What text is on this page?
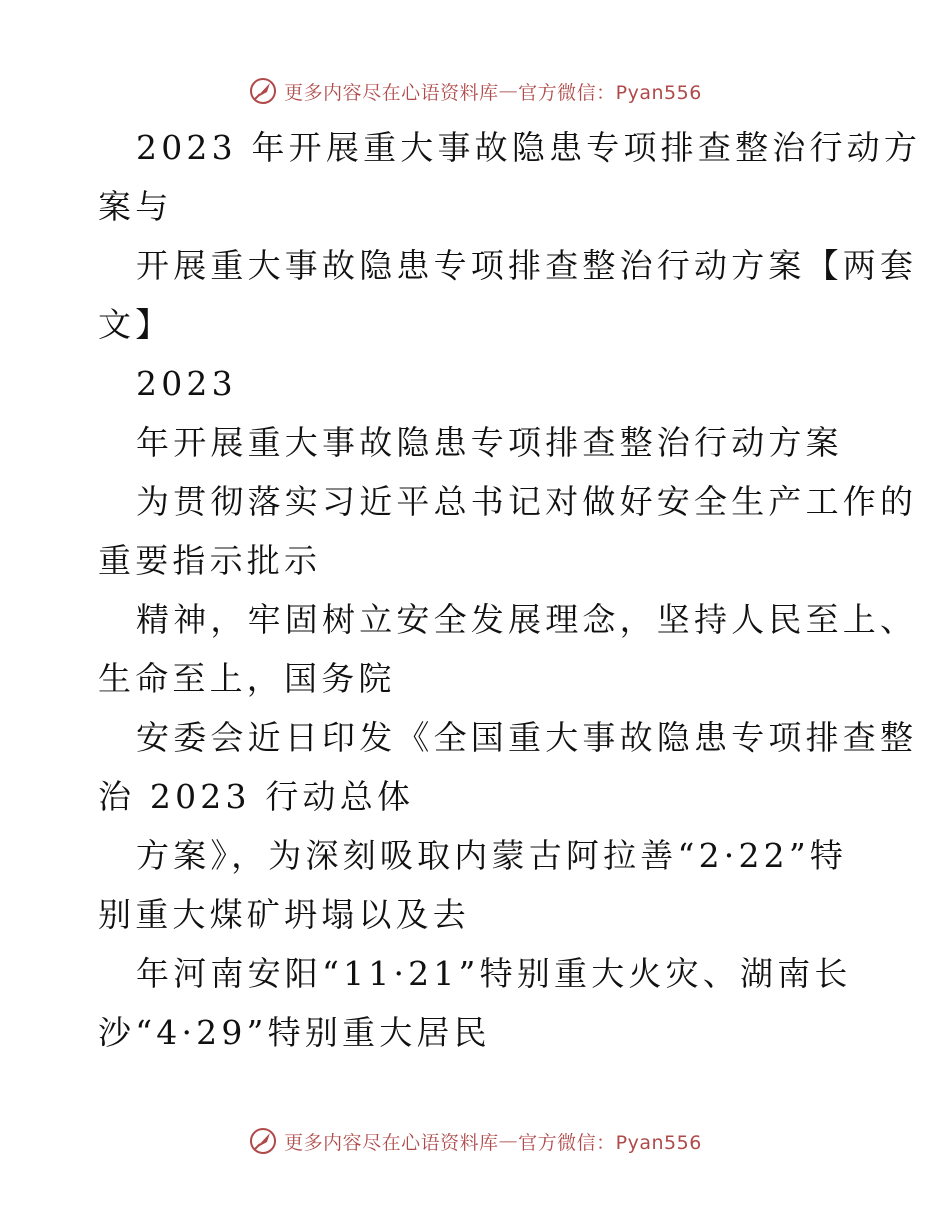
更多内容尽在心语资料库 — 官方微信：Pyan556
2023 年开展重大事故隐患专项排查整治行动方
案与
开展重大事故隐患专项排查整治行动方案【两套
文】
2023
年开展重大事故隐患专项排查整治行动方案
为贯彻落实习近平总书记对做好安全生产工作的
重要指示批示
精神，牢固树立安全发展理念，坚持人民至上、
生命至上，国务院
安委会近日印发《全国重大事故隐患专项排查整
治 2023 行动总体
方案》，为深刻吸取内蒙古阿拉善“2·22”特
别重大煤矿坍塌以及去
年河南安阳“11·21”特别重大火灾、湖南长
沙“4·29”特别重大居民
更多内容尽在心语资料库 — 官方微信：Pyan556
